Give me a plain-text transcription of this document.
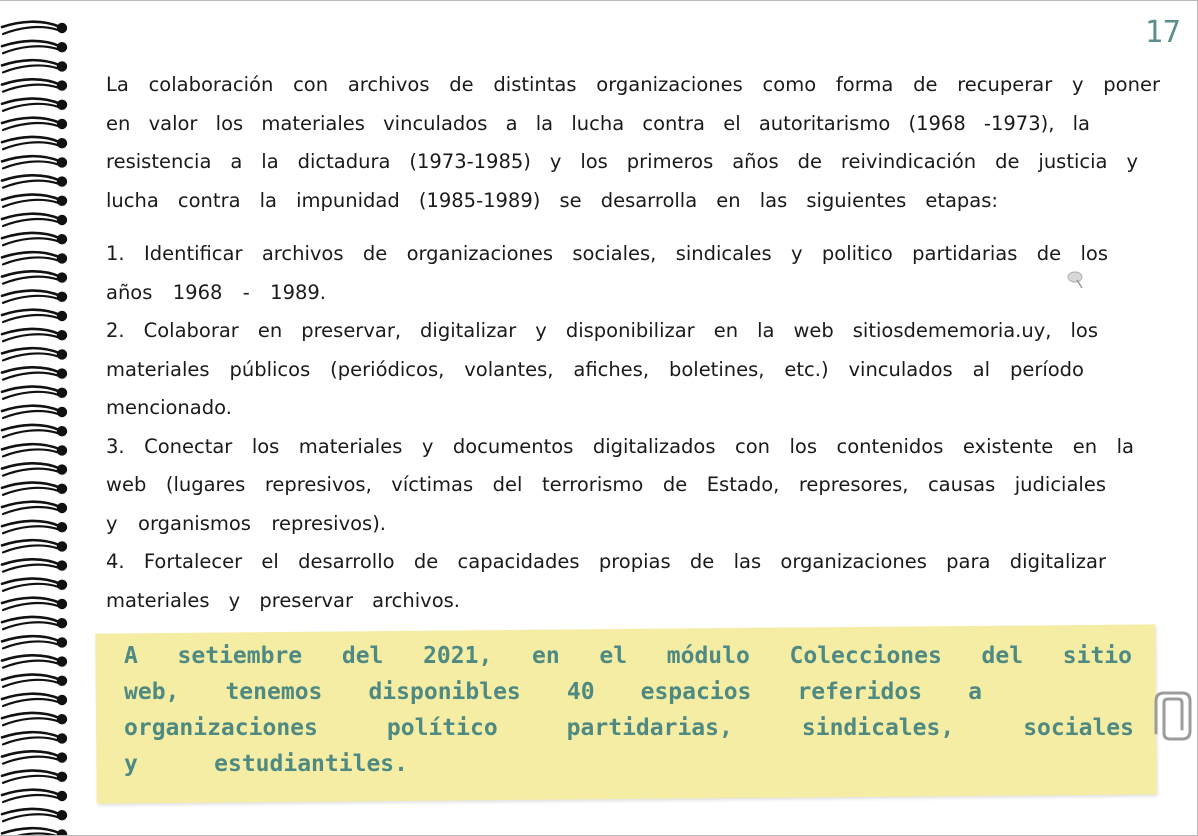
17
La colaboración con archivos de distintas organizaciones como forma de recuperar y poner
en valor los materiales vinculados a la lucha contra el autoritarismo (1968 -1973), la
resistencia a la dictadura (1973-1985) y los primeros años de reivindicación de justicia y
lucha contra la impunidad (1985-1989) se desarrolla en las siguientes etapas:
1. Identificar archivos de organizaciones sociales, sindicales y politico partidarias de los
años 1968 - 1989.
2. Colaborar en preservar, digitalizar y disponibilizar en la web sitiosdememoria.uy, los
materiales públicos (periódicos, volantes, afiches, boletines, etc.) vinculados al período
mencionado.
3. Conectar los materiales y documentos digitalizados con los contenidos existente en la
web (lugares represivos, víctimas del terrorismo de Estado, represores, causas judiciales
y organismos represivos).
4. Fortalecer el desarrollo de capacidades propias de las organizaciones para digitalizar
materiales y preservar archivos.
A setiembre del 2021, en el módulo Colecciones del sitio
web, tenemos disponibles 40 espacios referidos a
organizaciones político partidarias, sindicales, sociales
y estudiantiles.
